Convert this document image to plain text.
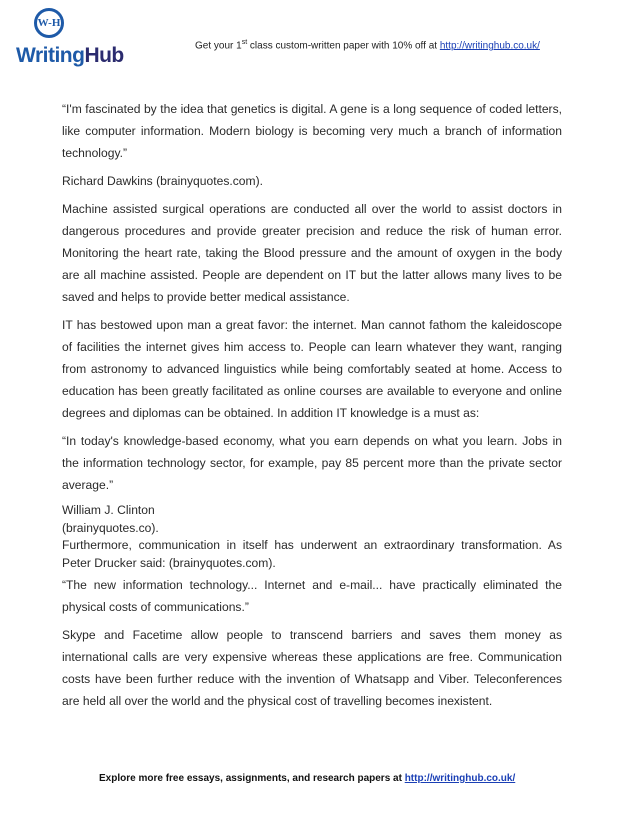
W-H
WritingHub	Get your 1st class custom-written paper with 10% off at http://writinghub.co.uk/

“I'm fascinated by the idea that genetics is digital. A gene is a long sequence of coded letters, like computer information. Modern biology is becoming very much a branch of information technology.”

Richard Dawkins (brainyquotes.com).

Machine assisted surgical operations are conducted all over the world to assist doctors in dangerous procedures and provide greater precision and reduce the risk of human error. Monitoring the heart rate, taking the Blood pressure and the amount of oxygen in the body are all machine assisted. People are dependent on IT but the latter allows many lives to be saved and helps to provide better medical assistance.

IT has bestowed upon man a great favor: the internet. Man cannot fathom the kaleidoscope of facilities the internet gives him access to. People can learn whatever they want, ranging from astronomy to advanced linguistics while being comfortably seated at home. Access to education has been greatly facilitated as online courses are available to everyone and online degrees and diplomas can be obtained. In addition IT knowledge is a must as:

“In today's knowledge-based economy, what you earn depends on what you learn. Jobs in the information technology sector, for example, pay 85 percent more than the private sector average.”

William J. Clinton

(brainyquotes.co).

Furthermore, communication in itself has underwent an extraordinary transformation. As Peter Drucker said: (brainyquotes.com).

“The new information technology... Internet and e-mail... have practically eliminated the physical costs of communications.”

Skype and Facetime allow people to transcend barriers and saves them money as international calls are very expensive whereas these applications are free. Communication costs have been further reduce with the invention of Whatsapp and Viber. Teleconferences are held all over the world and the physical cost of travelling becomes inexistent.

Explore more free essays, assignments, and research papers at http://writinghub.co.uk/
